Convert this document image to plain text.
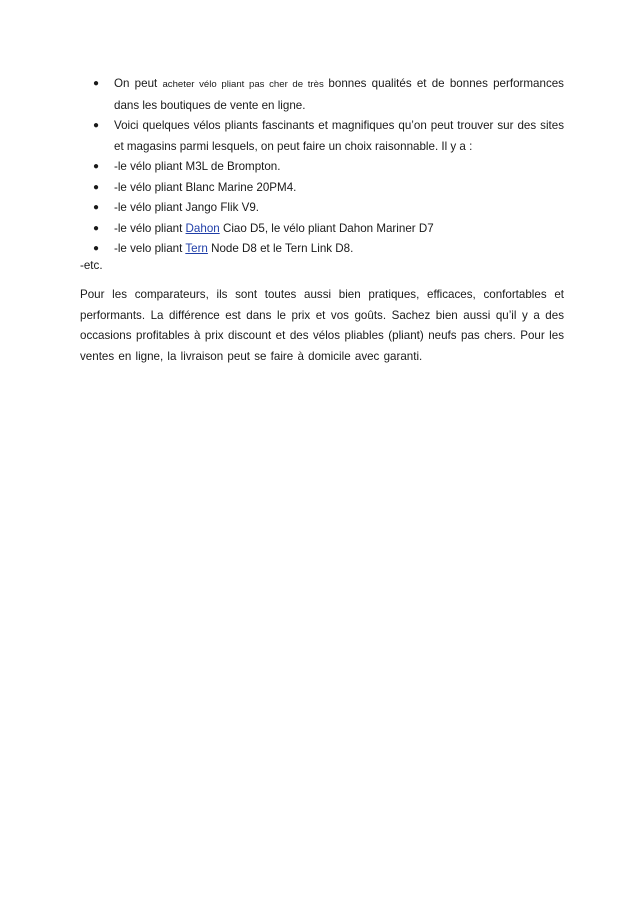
● On peut acheter vélo pliant pas cher de très bonnes qualités et de bonnes performances dans les boutiques de vente en ligne.
● Voici quelques vélos pliants fascinants et magnifiques qu’on peut trouver sur des sites et magasins parmi lesquels, on peut faire un choix raisonnable. Il y a :
● -le vélo pliant M3L de Brompton.
● -le vélo pliant Blanc Marine 20PM4.
● -le vélo pliant Jango Flik V9.
● -le vélo pliant Dahon Ciao D5, le vélo pliant Dahon Mariner D7
● -le velo pliant Tern Node D8 et le Tern Link D8.

-etc.

Pour les comparateurs, ils sont toutes aussi bien pratiques, efficaces, confortables et performants. La différence est dans le prix et vos goûts. Sachez bien aussi qu’il y a des occasions profitables à prix discount et des vélos pliables (pliant) neufs pas chers. Pour les ventes en ligne, la livraison peut se faire à domicile avec garanti.
